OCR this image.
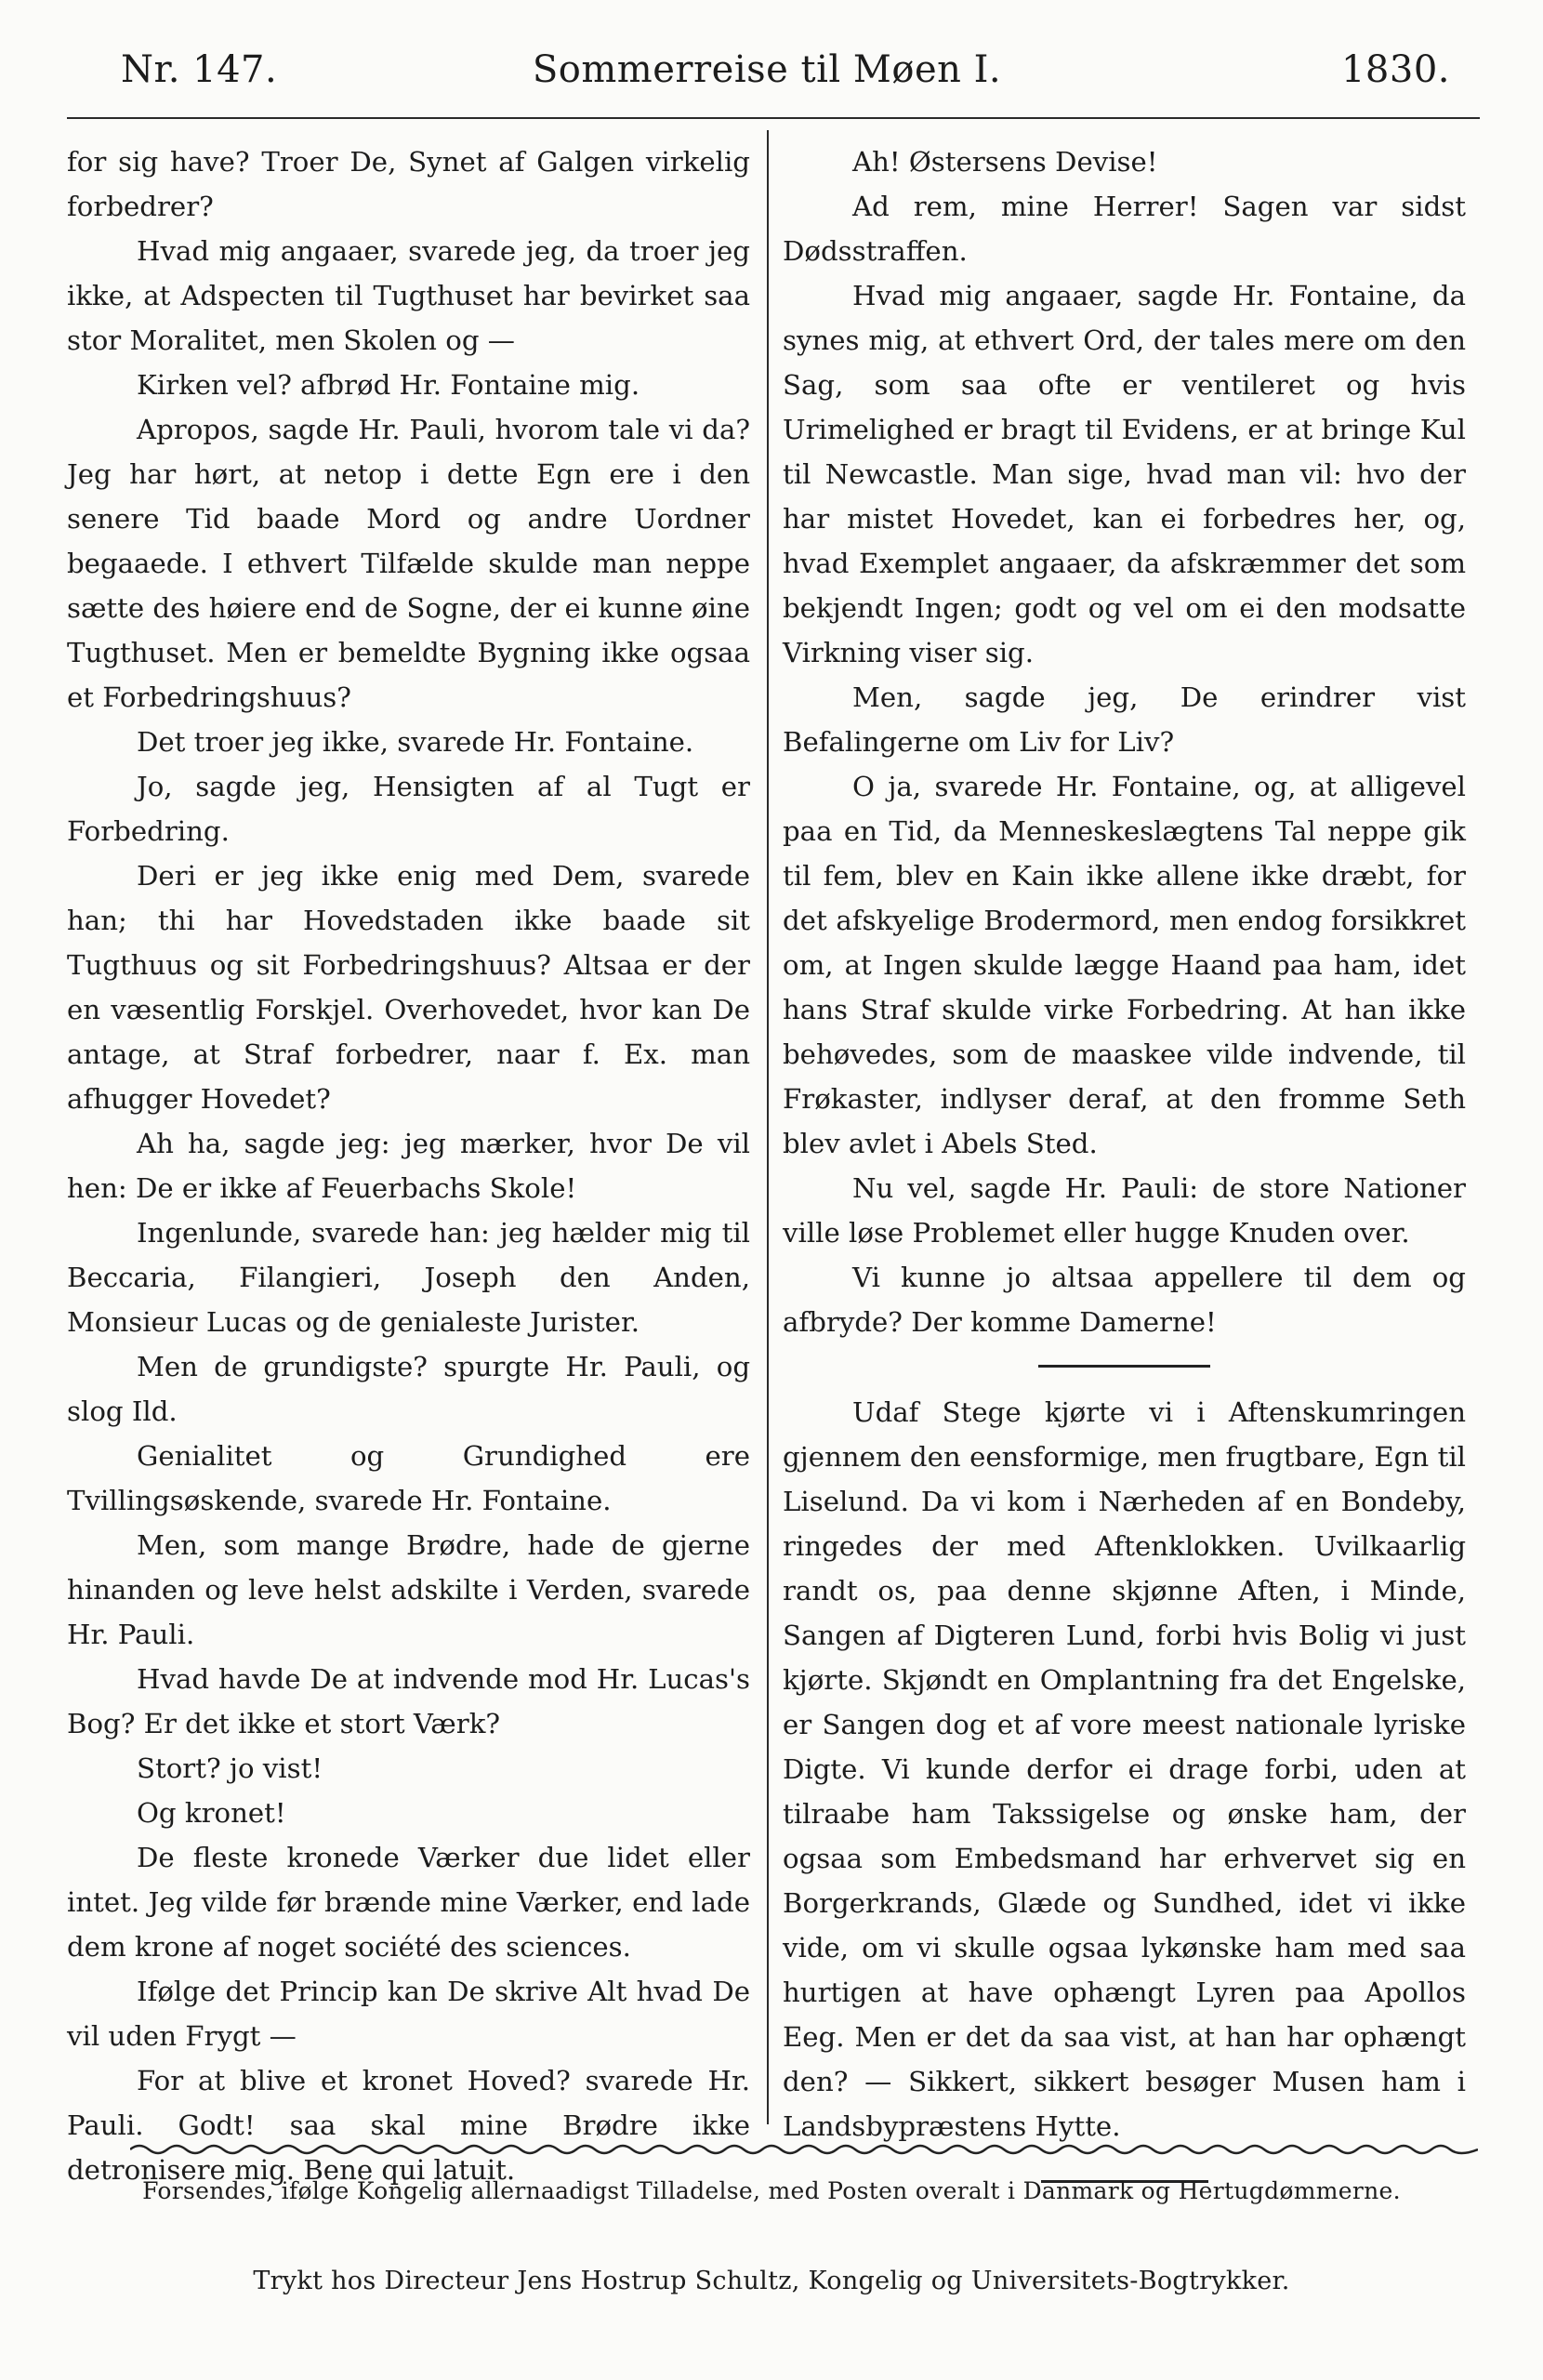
Nr. 147.	Sommerreise til Møen I.	1830.

for sig have? Troer De, Synet af Galgen virkelig forbedrer?

Hvad mig angaaer, svarede jeg, da troer jeg ikke, at Adspecten til Tugthuset har bevirket saa stor Moralitet, men Skolen og —

Kirken vel? afbrød Hr. Fontaine mig.

Apropos, sagde Hr. Pauli, hvorom tale vi da? Jeg har hørt, at netop i dette Egn ere i den senere Tid baade Mord og andre Uordner begaaede. I ethvert Tilfælde skulde man neppe sætte des høiere end de Sogne, der ei kunne øine Tugthuset. Men er bemeldte Bygning ikke ogsaa et Forbedringshuus?

Det troer jeg ikke, svarede Hr. Fontaine.

Jo, sagde jeg, Hensigten af al Tugt er Forbedring.

Deri er jeg ikke enig med Dem, svarede han; thi har Hovedstaden ikke baade sit Tugthuus og sit Forbedringshuus? Altsaa er der en væsentlig Forskjel. Overhovedet, hvor kan De antage, at Straf forbedrer, naar f. Ex. man afhugger Hovedet?

Ah ha, sagde jeg: jeg mærker, hvor De vil hen: De er ikke af Feuerbachs Skole!

Ingenlunde, svarede han: jeg hælder mig til Beccaria, Filangieri, Joseph den Anden, Monsieur Lucas og de genialeste Jurister.

Men de grundigste? spurgte Hr. Pauli, og slog Ild.

Genialitet og Grundighed ere Tvillingsøskende, svarede Hr. Fontaine.

Men, som mange Brødre, hade de gjerne hinanden og leve helst adskilte i Verden, svarede Hr. Pauli.

Hvad havde De at indvende mod Hr. Lucas's Bog? Er det ikke et stort Værk?

Stort? jo vist!

Og kronet!

De fleste kronede Værker due lidet eller intet. Jeg vilde før brænde mine Værker, end lade dem krone af noget société des sciences.

Ifølge det Princip kan De skrive Alt hvad De vil uden Frygt —

For at blive et kronet Hoved? svarede Hr. Pauli. Godt! saa skal mine Brødre ikke detronisere mig. Bene qui latuit.

Ah! Østersens Devise!

Ad rem, mine Herrer! Sagen var sidst Dødsstraffen.

Hvad mig angaaer, sagde Hr. Fontaine, da synes mig, at ethvert Ord, der tales mere om den Sag, som saa ofte er ventileret og hvis Urimelighed er bragt til Evidens, er at bringe Kul til Newcastle. Man sige, hvad man vil: hvo der har mistet Hovedet, kan ei forbedres her, og, hvad Exemplet angaaer, da afskræmmer det som bekjendt Ingen; godt og vel om ei den modsatte Virkning viser sig.

Men, sagde jeg, De erindrer vist Befalingerne om Liv for Liv?

O ja, svarede Hr. Fontaine, og, at alligevel paa en Tid, da Menneskeslægtens Tal neppe gik til fem, blev en Kain ikke allene ikke dræbt, for det afskyelige Brodermord, men endog forsikkret om, at Ingen skulde lægge Haand paa ham, idet hans Straf skulde virke Forbedring. At han ikke behøvedes, som de maaskee vilde indvende, til Frøkaster, indlyser deraf, at den fromme Seth blev avlet i Abels Sted.

Nu vel, sagde Hr. Pauli: de store Nationer ville løse Problemet eller hugge Knuden over.

Vi kunne jo altsaa appellere til dem og afbryde? Der komme Damerne!

Udaf Stege kjørte vi i Aftenskumringen gjennem den eensformige, men frugtbare, Egn til Liselund. Da vi kom i Nærheden af en Bondeby, ringedes der med Aftenklokken. Uvilkaarlig randt os, paa denne skjønne Aften, i Minde, Sangen af Digteren Lund, forbi hvis Bolig vi just kjørte. Skjøndt en Omplantning fra det Engelske, er Sangen dog et af vore meest nationale lyriske Digte. Vi kunde derfor ei drage forbi, uden at tilraabe ham Takssigelse og ønske ham, der ogsaa som Embedsmand har erhvervet sig en Borgerkrands, Glæde og Sundhed, idet vi ikke vide, om vi skulle ogsaa lykønske ham med saa hurtigen at have ophængt Lyren paa Apollos Eeg. Men er det da saa vist, at han har ophængt den? — Sikkert, sikkert besøger Musen ham i Landsbypræstens Hytte.

Forsendes, ifølge Kongelig allernaadigst Tilladelse, med Posten overalt i Danmark og Hertugdømmerne.
Trykt hos Directeur Jens Hostrup Schultz, Kongelig og Universitets-Bogtrykker.
